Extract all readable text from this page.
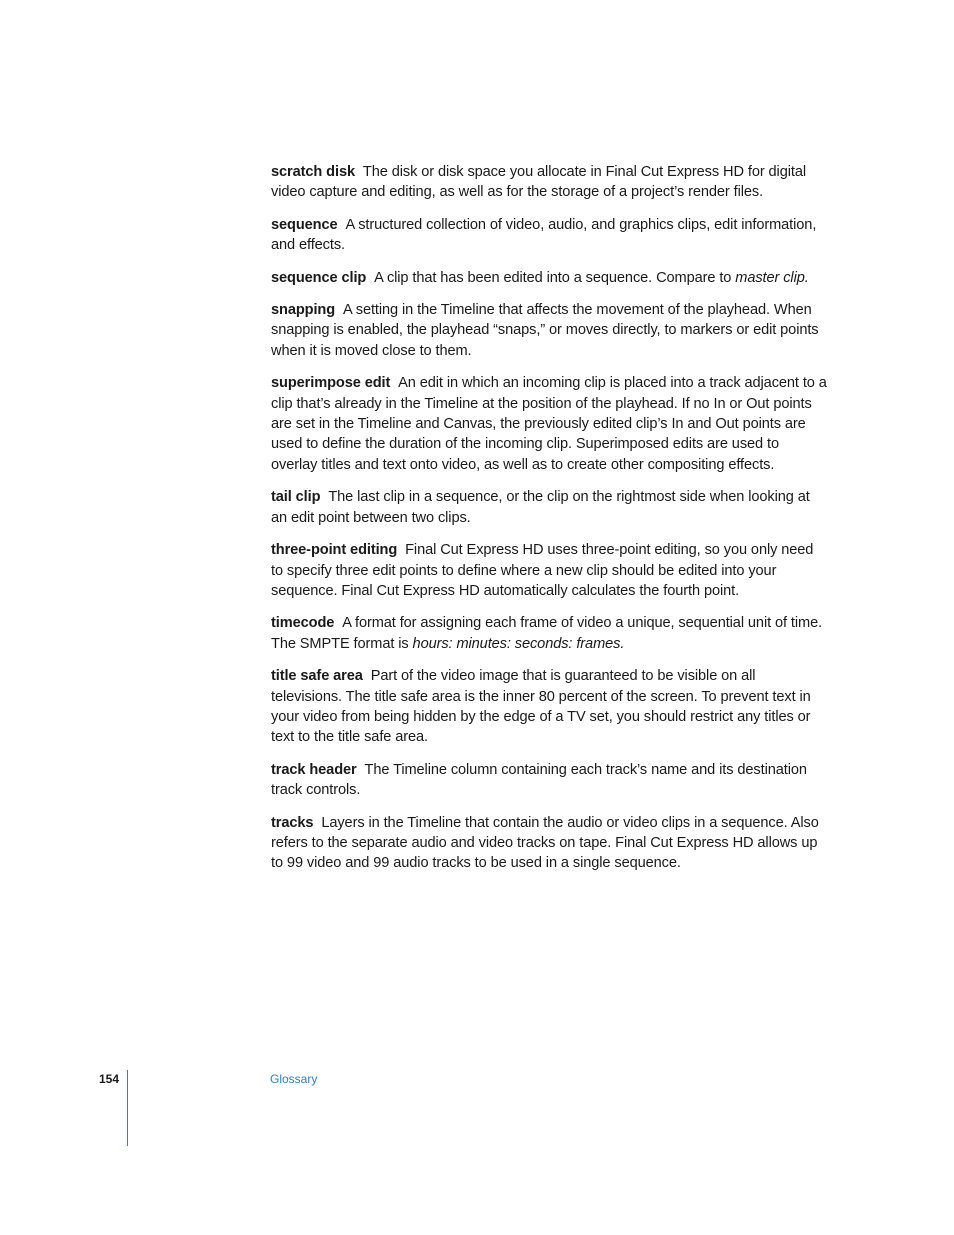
scratch disk The disk or disk space you allocate in Final Cut Express HD for digital video capture and editing, as well as for the storage of a project’s render files.

sequence A structured collection of video, audio, and graphics clips, edit information, and effects.

sequence clip A clip that has been edited into a sequence. Compare to master clip.

snapping A setting in the Timeline that affects the movement of the playhead. When snapping is enabled, the playhead “snaps,” or moves directly, to markers or edit points when it is moved close to them.

superimpose edit An edit in which an incoming clip is placed into a track adjacent to a clip that’s already in the Timeline at the position of the playhead. If no In or Out points are set in the Timeline and Canvas, the previously edited clip’s In and Out points are used to define the duration of the incoming clip. Superimposed edits are used to overlay titles and text onto video, as well as to create other compositing effects.

tail clip The last clip in a sequence, or the clip on the rightmost side when looking at an edit point between two clips.

three-point editing Final Cut Express HD uses three-point editing, so you only need to specify three edit points to define where a new clip should be edited into your sequence. Final Cut Express HD automatically calculates the fourth point.

timecode A format for assigning each frame of video a unique, sequential unit of time. The SMPTE format is hours: minutes: seconds: frames.

title safe area Part of the video image that is guaranteed to be visible on all televisions. The title safe area is the inner 80 percent of the screen. To prevent text in your video from being hidden by the edge of a TV set, you should restrict any titles or text to the title safe area.

track header The Timeline column containing each track’s name and its destination track controls.

tracks Layers in the Timeline that contain the audio or video clips in a sequence. Also refers to the separate audio and video tracks on tape. Final Cut Express HD allows up to 99 video and 99 audio tracks to be used in a single sequence.

154	Glossary
